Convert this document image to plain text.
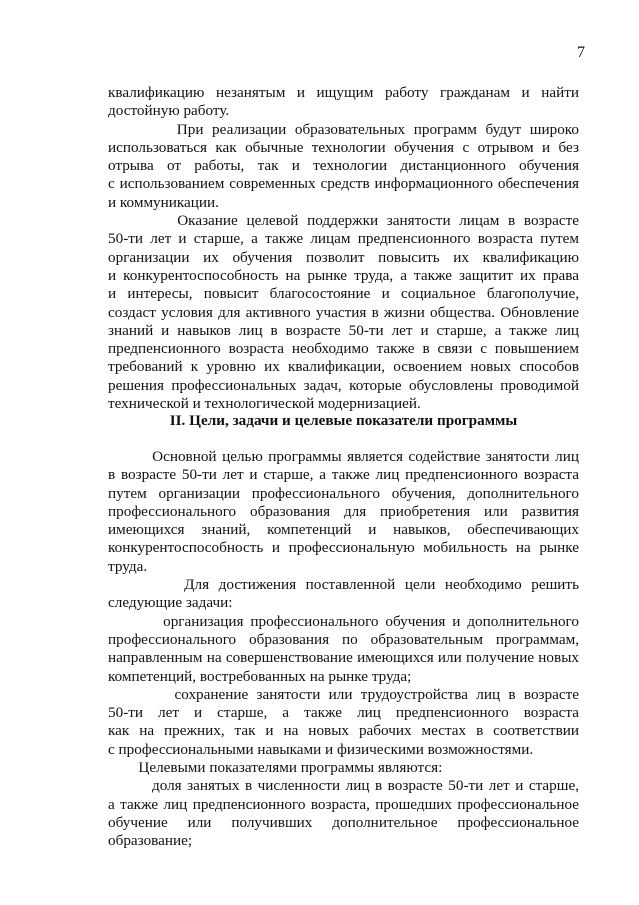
7
квалификацию незанятым и ищущим работу гражданам и найти
достойную работу.
При реализации образовательных программ будут широко
использоваться как обычные технологии обучения с отрывом и без
отрыва от работы, так и технологии дистанционного обучения
с использованием современных средств информационного обеспечения
и коммуникации.
Оказание целевой поддержки занятости лицам в возрасте
50-ти лет и старше, а также лицам предпенсионного возраста путем
организации их обучения позволит повысить их квалификацию
и конкурентоспособность на рынке труда, а также защитит их права
и интересы, повысит благосостояние и социальное благополучие,
создаст условия для активного участия в жизни общества. Обновление
знаний и навыков лиц в возрасте 50-ти лет и старше, а также лиц
предпенсионного возраста необходимо также в связи с повышением
требований к уровню их квалификации, освоением новых способов
решения профессиональных задач, которые обусловлены проводимой
технической и технологической модернизацией.
II. Цели, задачи и целевые показатели программы
Основной целью программы является содействие занятости лиц
в возрасте 50-ти лет и старше, а также лиц предпенсионного возраста
путем организации профессионального обучения, дополнительного
профессионального образования для приобретения или развития
имеющихся знаний, компетенций и навыков, обеспечивающих
конкурентоспособность и профессиональную мобильность на рынке
труда.
Для достижения поставленной цели необходимо решить
следующие задачи:
организация профессионального обучения и дополнительного
профессионального образования по образовательным программам,
направленным на совершенствование имеющихся или получение новых
компетенций, востребованных на рынке труда;
сохранение занятости или трудоустройства лиц в возрасте
50-ти лет и старше, а также лиц предпенсионного возраста
как на прежних, так и на новых рабочих местах в соответствии
с профессиональными навыками и физическими возможностями.
Целевыми показателями программы являются:
доля занятых в численности лиц в возрасте 50-ти лет и старше,
а также лиц предпенсионного возраста, прошедших профессиональное
обучение или получивших дополнительное профессиональное
образование;
